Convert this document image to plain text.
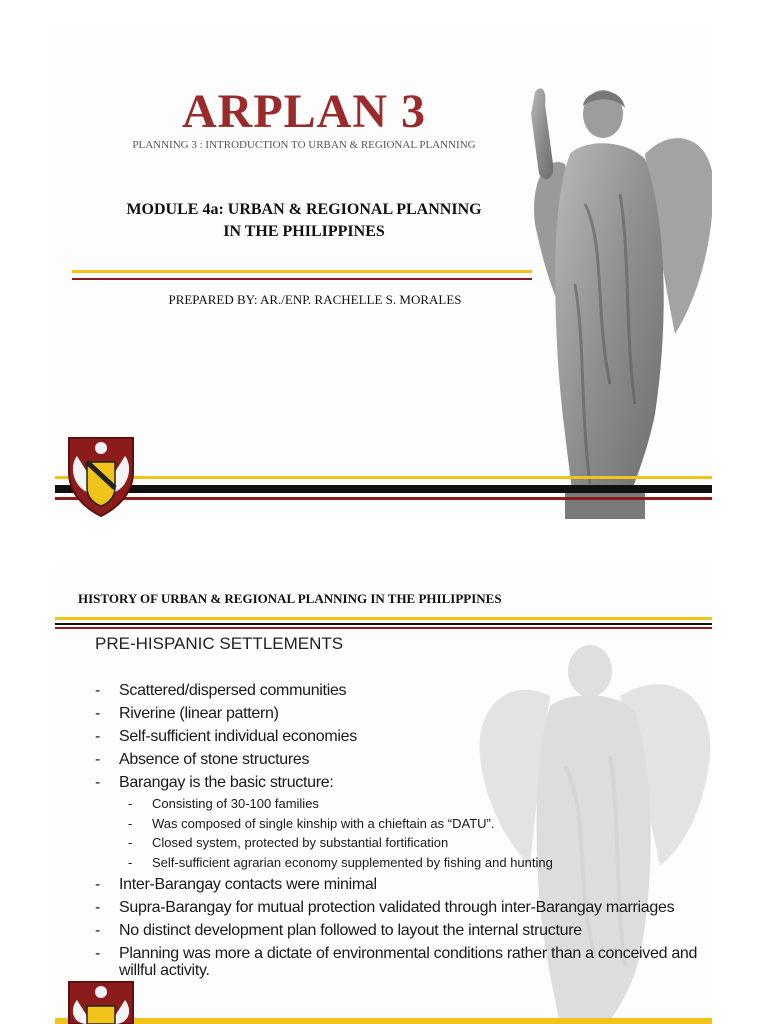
ARPLAN 3
PLANNING 3 : INTRODUCTION TO URBAN & REGIONAL PLANNING
MODULE 4a: URBAN & REGIONAL PLANNING
IN THE PHILIPPINES
PREPARED BY: AR./ENP. RACHELLE S. MORALES
HISTORY OF URBAN & REGIONAL PLANNING IN THE PHILIPPINES
PRE-HISPANIC SETTLEMENTS
- Scattered/dispersed communities
- Riverine (linear pattern)
- Self-sufficient individual economies
- Absence of stone structures
- Barangay is the basic structure:
- Consisting of 30-100 families
- Was composed of single kinship with a chieftain as “DATU”.
- Closed system, protected by substantial fortification
- Self-sufficient agrarian economy supplemented by fishing and hunting
- Inter-Barangay contacts were minimal
- Supra-Barangay for mutual protection validated through inter-Barangay marriages
- No distinct development plan followed to layout the internal structure
- Planning was more a dictate of environmental conditions rather than a conceived and willful activity.
